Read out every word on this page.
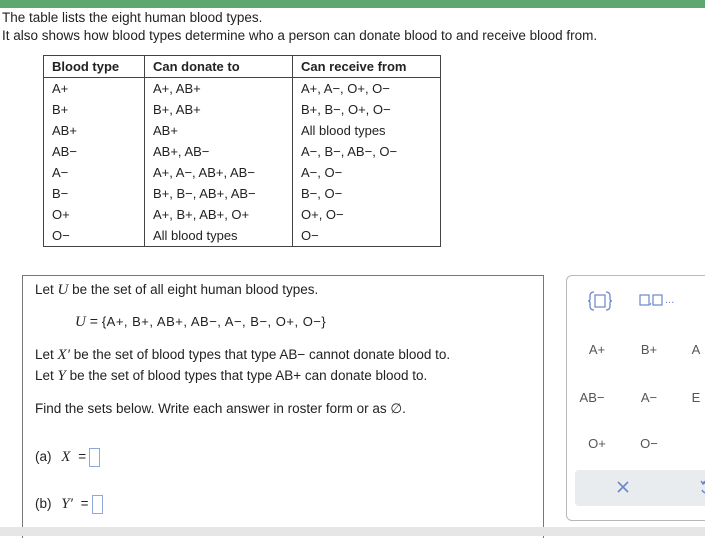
The table lists the eight human blood types.
It also shows how blood types determine who a person can donate blood to and receive blood from.
Blood type	Can donate to	Can receive from
A+	A+, AB+	A+, A−, O+, O−
B+	B+, AB+	B+, B−, O+, O−
AB+	AB+	All blood types
AB−	AB+, AB−	A−, B−, AB−, O−
A−	A+, A−, AB+, AB−	A−, O−
B−	B+, B−, AB+, AB−	B−, O−
O+	A+, B+, AB+, O+	O+, O−
O−	All blood types	O−
Let U be the set of all eight human blood types.
U = {A+, B+, AB+, AB−, A−, B−, O+, O−}
Let X′ be the set of blood types that type AB− cannot donate blood to.
Let Y be the set of blood types that type AB+ can donate blood to.
Find the sets below. Write each answer in roster form or as ∅.
(a) X =
(b) Y′ =
...
A+	B+	A
AB−	A−	E
O+	O−
